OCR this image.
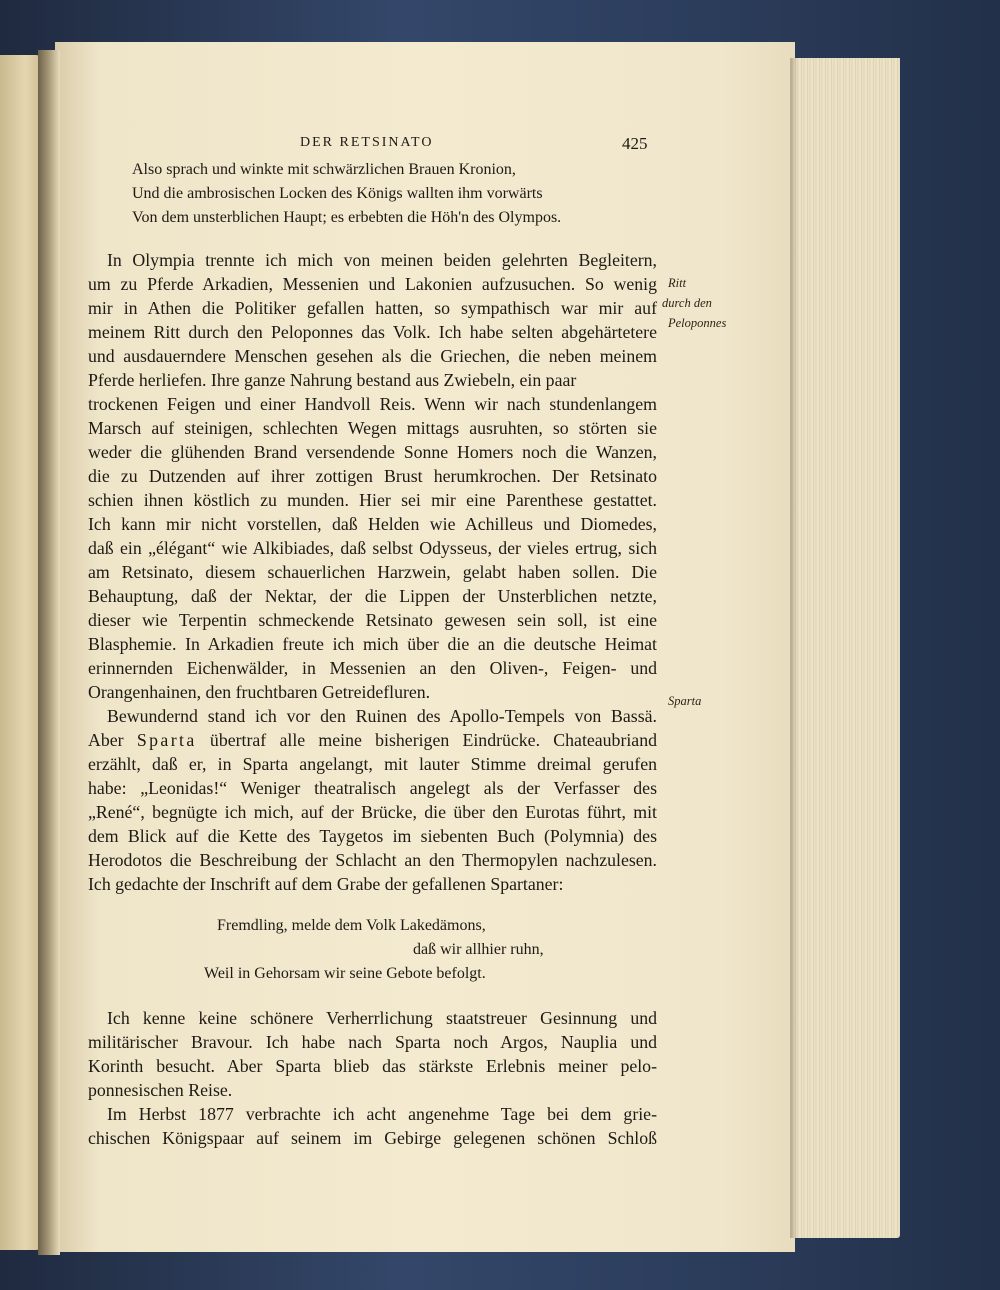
DER RETSINATO	425
Also sprach und winkte mit schwärzlichen Brauen Kronion,
Und die ambrosischen Locken des Königs wallten ihm vorwärts
Von dem unsterblichen Haupt; es erbebten die Höh'n des Olympos.
In Olympia trennte ich mich von meinen beiden gelehrten Begleitern,
um zu Pferde Arkadien, Messenien und Lakonien aufzusuchen. So wenig
mir in Athen die Politiker gefallen hatten, so sympathisch war mir auf
meinem Ritt durch den Peloponnes das Volk. Ich habe selten abgehärtetere
und ausdauerndere Menschen gesehen als die Griechen, die neben meinem
Pferde herliefen. Ihre ganze Nahrung bestand aus Zwiebeln, ein paar
trockenen Feigen und einer Handvoll Reis. Wenn wir nach stundenlangem
Marsch auf steinigen, schlechten Wegen mittags ausruhten, so störten sie
weder die glühenden Brand versendende Sonne Homers noch die Wanzen,
die zu Dutzenden auf ihrer zottigen Brust herumkrochen. Der Retsinato
schien ihnen köstlich zu munden. Hier sei mir eine Parenthese gestattet.
Ich kann mir nicht vorstellen, daß Helden wie Achilleus und Diomedes,
daß ein „élégant“ wie Alkibiades, daß selbst Odysseus, der vieles ertrug, sich
am Retsinato, diesem schauerlichen Harzwein, gelabt haben sollen. Die
Behauptung, daß der Nektar, der die Lippen der Unsterblichen netzte,
dieser wie Terpentin schmeckende Retsinato gewesen sein soll, ist eine
Blasphemie. In Arkadien freute ich mich über die an die deutsche Heimat
erinnernden Eichenwälder, in Messenien an den Oliven-, Feigen- und
Orangenhainen, den fruchtbaren Getreidefluren.
Bewundernd stand ich vor den Ruinen des Apollo-Tempels von Bassä.
Aber Sparta übertraf alle meine bisherigen Eindrücke. Chateaubriand
erzählt, daß er, in Sparta angelangt, mit lauter Stimme dreimal gerufen
habe: „Leonidas!“ Weniger theatralisch angelegt als der Verfasser des
„René“, begnügte ich mich, auf der Brücke, die über den Eurotas führt, mit
dem Blick auf die Kette des Taygetos im siebenten Buch (Polymnia) des
Herodotos die Beschreibung der Schlacht an den Thermopylen nachzulesen.
Ich gedachte der Inschrift auf dem Grabe der gefallenen Spartaner:
Fremdling, melde dem Volk Lakedämons,
daß wir allhier ruhn,
Weil in Gehorsam wir seine Gebote befolgt.
Ich kenne keine schönere Verherrlichung staatstreuer Gesinnung und
militärischer Bravour. Ich habe nach Sparta noch Argos, Nauplia und
Korinth besucht. Aber Sparta blieb das stärkste Erlebnis meiner pelo-
ponnesischen Reise.
Im Herbst 1877 verbrachte ich acht angenehme Tage bei dem grie-
chischen Königspaar auf seinem im Gebirge gelegenen schönen Schloß
Ritt
durch den
Peloponnes
Sparta
